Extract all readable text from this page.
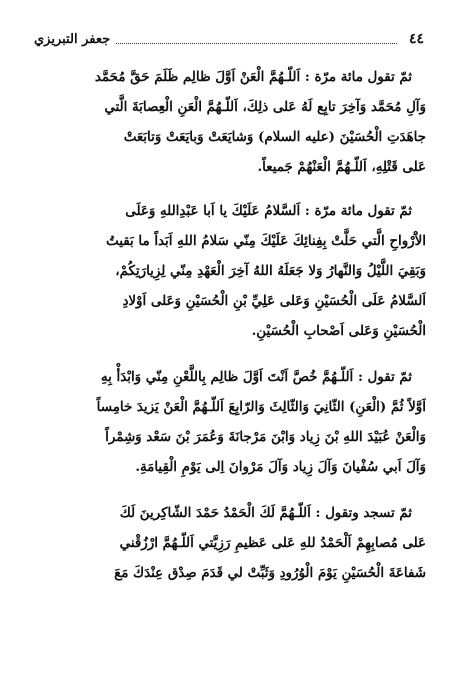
٤٤
جعفر التبريزي
ثمّ تقول مائة مرّة : اَللّـهُمَّ الْعَنْ اَوَّلَ ظالِم ظَلَمَ حَقَّ مُحَمَّد
وَآلِ مُحَمَّد وَآخِرَ تابِع لَهُ عَلى ذلِكَ، اَللّـهُمَّ الْعَنِ الْعِصابَةَ الَّتي
جاهَدَتِ الْحُسَيْنَ (عليه السلام) وَشايَعَتْ وَبايَعَتْ وَتابَعَتْ
عَلى قَتْلِهِ، اَللّـهُمَّ الْعَنْهُمْ جَميعاً.
ثمّ تقول مائة مرّة : اَلسَّلامُ عَلَيْكَ يا اَبا عَبْدِاللهِ وَعَلَى
الاَْرْواحِ الَّتي حَلَّتْ بِفِنائِكَ عَلَيْكَ مِنّي سَلامُ اللهِ اَبَداً ما بَقيتُ
وَبَقِيَ اللَّيْلُ وَالنَّهارُ وَلا جَعَلَهُ اللهُ آخِرَ الْعَهْدِ مِنّي لِزِيارَتِكُمْ،
اَلسَّلامُ عَلَى الْحُسَيْنِ وَعَلى عَلِيِّ بْنِ الْحُسَيْنِ وَعَلى اَوْلادِ
الْحُسَيْنِ وَعَلى اَصْحابِ الْحُسَيْنِ.
ثمّ تقول : اَللّـهُمَّ خُصَّ اَنْتَ اَوَّلَ ظالِم بِاللَّعْنِ مِنّي وَابْدَأْ بِهِ
اَوَّلاً ثُمَّ (الْعَنِ) الثّانِيَ وَالثّالِثَ وَالرّابِعَ اَللّـهُمَّ الْعَنْ يَزيدَ خامِساً
وَالْعَنْ عُبَيْدَ اللهِ بْنَ زِياد وَابْنَ مَرْجانَةَ وَعُمَرَ بْنَ سَعْد وَشِمْراً
وَآلَ اَبي سُفْيانَ وَآلَ زِياد وَآلَ مَرْوانَ اِلى يَوْمِ الْقِيامَةِ.
ثمّ تسجد وتقول : اَللّـهُمَّ لَكَ الْحَمْدُ حَمْدَ الشّاكِرينَ لَكَ
عَلى مُصابِهِمْ اَلْحَمْدُ للهِ عَلى عَظيمِ رَزِيَّتي اَللّـهُمَّ ارْزُقْني
شَفاعَةَ الْحُسَيْنِ يَوْمَ الْوُرُودِ وَثَبِّتْ لي قَدَمَ صِدْق عِنْدَكَ مَعَ
